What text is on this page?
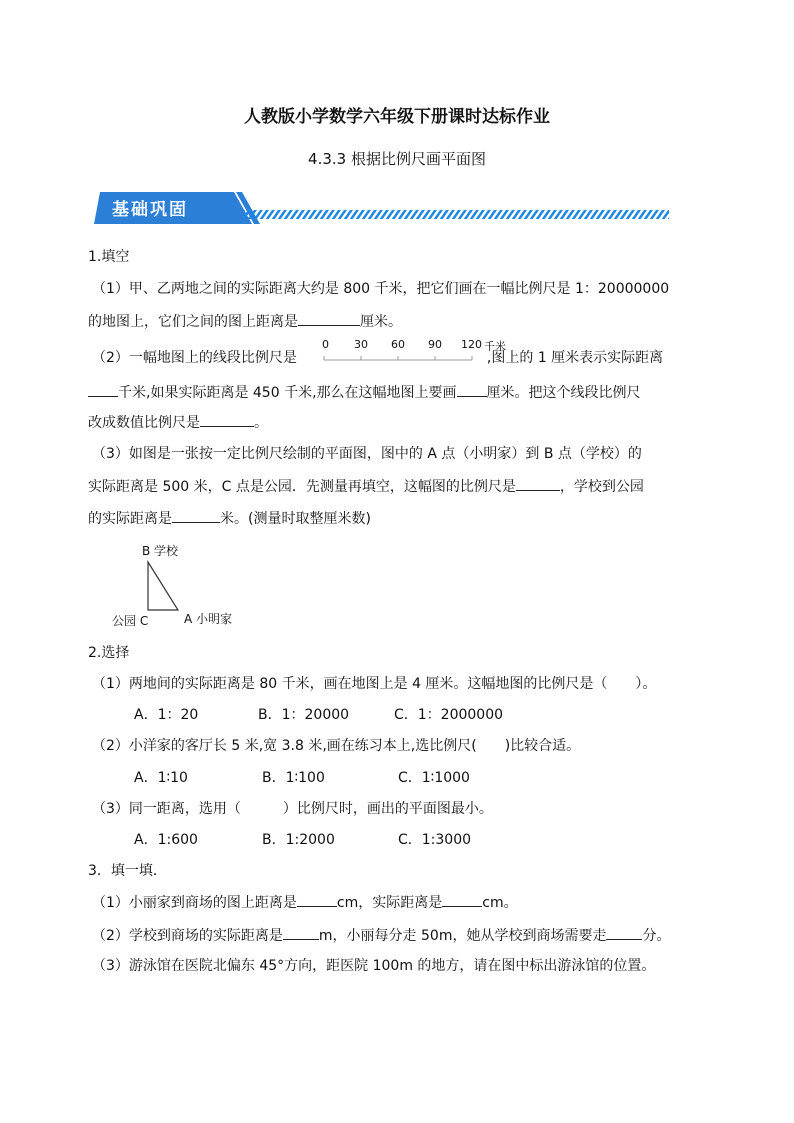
人教版小学数学六年级下册课时达标作业
4.3.3 根据比例尺画平面图
基础巩固
1.填空
（1）甲、乙两地之间的实际距离大约是 800 千米，把它们画在一幅比例尺是 1：20000000
的地图上，它们之间的图上距离是	厘米。
（2）一幅地图上的线段比例尺是	,图上的 1 厘米表示实际距离
0 30 60 90 120 千米
千米,如果实际距离是 450 千米,那么在这幅地图上要画 厘米。把这个线段比例尺
改成数值比例尺是	。
（3）如图是一张按一定比例尺绘制的平面图，图中的 A 点（小明家）到 B 点（学校）的
实际距离是 500 米，C 点是公园．先测量再填空，这幅图的比例尺是	，学校到公园
的实际距离是	米。(测量时取整厘米数)
B 学校
公园 C	A 小明家
2.选择
（1）两地间的实际距离是 80 千米，画在地图上是 4 厘米。这幅地图的比例尺是（　　）。
A．1：20	B．1：20000	C．1：2000000
（2）小洋家的客厅长 5 米,宽 3.8 米,画在练习本上,选比例尺(　　)比较合适。
A．1∶10	B．1∶100	C．1∶1000
（3）同一距离，选用（　　　）比例尺时，画出的平面图最小。
A．1:600	B．1:2000	C．1:3000
3．填一填．
（1）小丽家到商场的图上距离是	cm，实际距离是	cm。
（2）学校到商场的实际距离是	m，小丽每分走 50m，她从学校到商场需要走	分。
（3）游泳馆在医院北偏东 45°方向，距医院 100m 的地方，请在图中标出游泳馆的位置。
